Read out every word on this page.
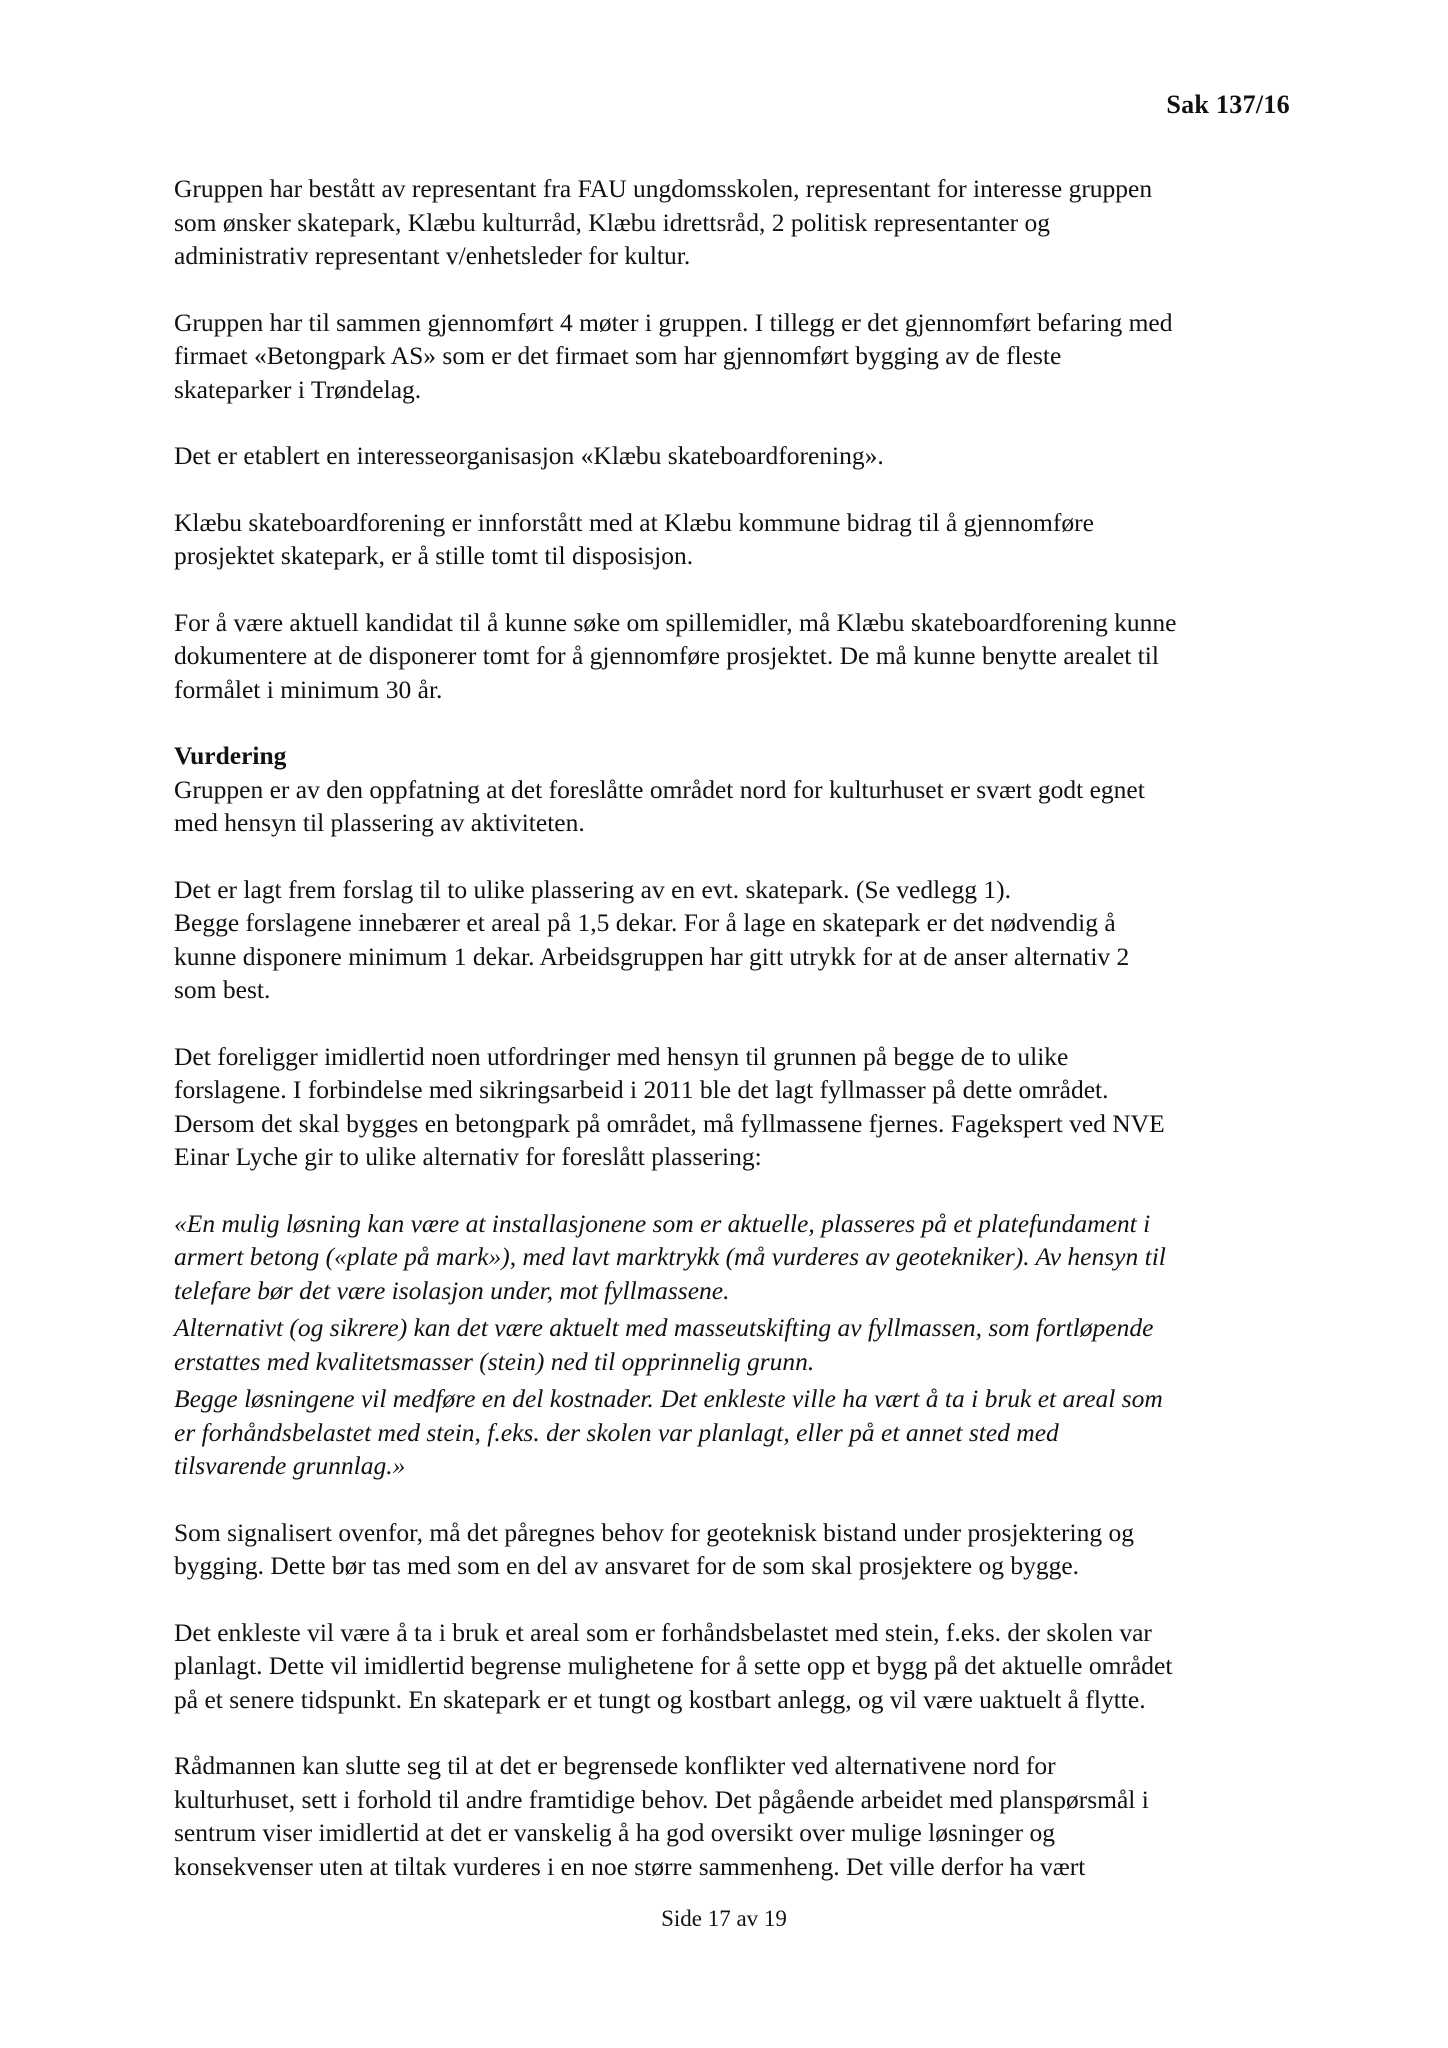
Sak 137/16

Gruppen har bestått av representant fra FAU ungdomsskolen, representant for interesse gruppen
som ønsker skatepark, Klæbu kulturråd, Klæbu idrettsråd, 2 politisk representanter og
administrativ representant v/enhetsleder for kultur.

Gruppen har til sammen gjennomført 4 møter i gruppen. I tillegg er det gjennomført befaring med
firmaet «Betongpark AS» som er det firmaet som har gjennomført bygging av de fleste
skateparker i Trøndelag.

Det er etablert en interesseorganisasjon «Klæbu skateboardforening».

Klæbu skateboardforening er innforstått med at Klæbu kommune bidrag til å gjennomføre
prosjektet skatepark, er å stille tomt til disposisjon.

For å være aktuell kandidat til å kunne søke om spillemidler, må Klæbu skateboardforening kunne
dokumentere at de disponerer tomt for å gjennomføre prosjektet. De må kunne benytte arealet til
formålet i minimum 30 år.

Vurdering

Gruppen er av den oppfatning at det foreslåtte området nord for kulturhuset er svært godt egnet
med hensyn til plassering av aktiviteten.

Det er lagt frem forslag til to ulike plassering av en evt. skatepark. (Se vedlegg 1).

Begge forslagene innebærer et areal på 1,5 dekar. For å lage en skatepark er det nødvendig å
kunne disponere minimum 1 dekar. Arbeidsgruppen har gitt utrykk for at de anser alternativ 2
som best.

Det foreligger imidlertid noen utfordringer med hensyn til grunnen på begge de to ulike
forslagene. I forbindelse med sikringsarbeid i 2011 ble det lagt fyllmasser på dette området.
Dersom det skal bygges en betongpark på området, må fyllmassene fjernes. Fagekspert ved NVE
Einar Lyche gir to ulike alternativ for foreslått plassering:

«En mulig løsning kan være at installasjonene som er aktuelle, plasseres på et platefundament i
armert betong («plate på mark»), med lavt marktrykk (må vurderes av geotekniker). Av hensyn til
telefare bør det være isolasjon under, mot fyllmassene.

Alternativt (og sikrere) kan det være aktuelt med masseutskifting av fyllmassen, som fortløpende
erstattes med kvalitetsmasser (stein) ned til opprinnelig grunn.

Begge løsningene vil medføre en del kostnader. Det enkleste ville ha vært å ta i bruk et areal som
er forhåndsbelastet med stein, f.eks. der skolen var planlagt, eller på et annet sted med
tilsvarende grunnlag.»

Som signalisert ovenfor, må det påregnes behov for geoteknisk bistand under prosjektering og
bygging. Dette bør tas med som en del av ansvaret for de som skal prosjektere og bygge.

Det enkleste vil være å ta i bruk et areal som er forhåndsbelastet med stein, f.eks. der skolen var
planlagt. Dette vil imidlertid begrense mulighetene for å sette opp et bygg på det aktuelle området
på et senere tidspunkt. En skatepark er et tungt og kostbart anlegg, og vil være uaktuelt å flytte.

Rådmannen kan slutte seg til at det er begrensede konflikter ved alternativene nord for
kulturhuset, sett i forhold til andre framtidige behov. Det pågående arbeidet med planspørsmål i
sentrum viser imidlertid at det er vanskelig å ha god oversikt over mulige løsninger og
konsekvenser uten at tiltak vurderes i en noe større sammenheng. Det ville derfor ha vært

Side 17 av 19
